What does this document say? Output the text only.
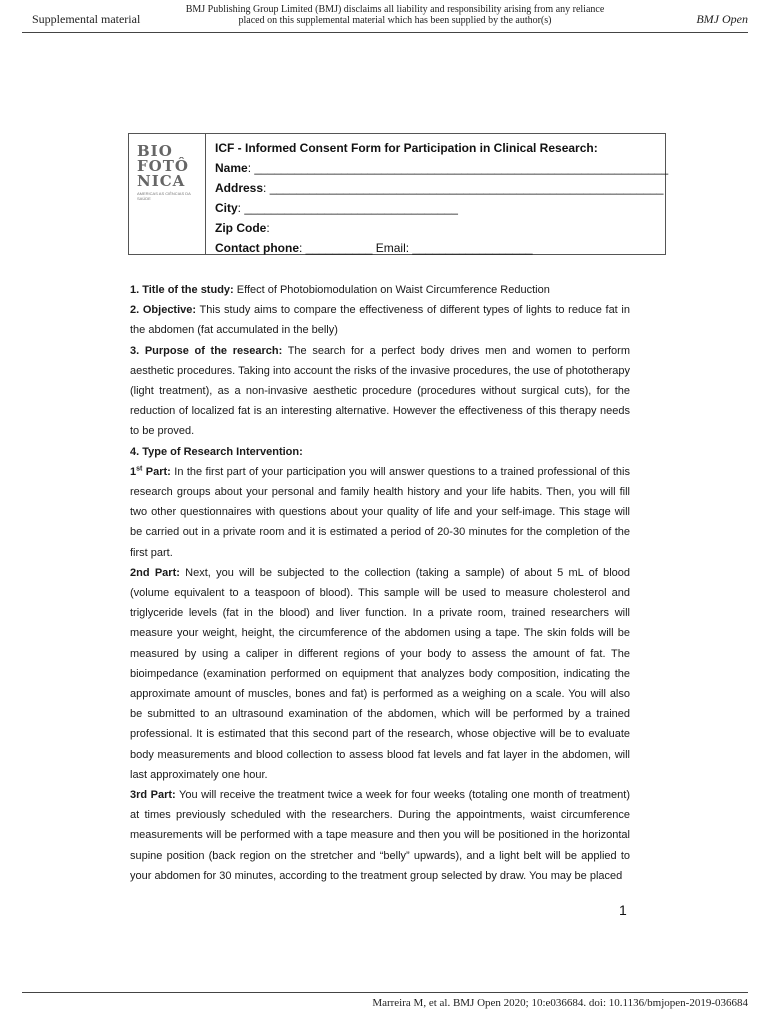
Supplemental material
BMJ Publishing Group Limited (BMJ) disclaims all liability and responsibility arising from any reliance placed on this supplemental material which has been supplied by the author(s)	BMJ Open
BIO
FOTÔ
NICA
AMERICAS AS CIÊNCIAS DA SAÚDE
ICF - Informed Consent Form for Participation in Clinical Research:
Name: ______________________________________________________________
Address: ___________________________________________________________
City: ________________________________
Zip Code:
Contact phone: __________ Email: __________________

1. Title of the study: Effect of Photobiomodulation on Waist Circumference Reduction

2. Objective: This study aims to compare the effectiveness of different types of lights to reduce fat in the abdomen (fat accumulated in the belly)

3. Purpose of the research: The search for a perfect body drives men and women to perform aesthetic procedures. Taking into account the risks of the invasive procedures, the use of phototherapy (light treatment), as a non-invasive aesthetic procedure (procedures without surgical cuts), for the reduction of localized fat is an interesting alternative. However the effectiveness of this therapy needs to be proved.

4. Type of Research Intervention:

1st Part: In the first part of your participation you will answer questions to a trained professional of this research groups about your personal and family health history and your life habits. Then, you will fill two other questionnaires with questions about your quality of life and your self-image. This stage will be carried out in a private room and it is estimated a period of 20-30 minutes for the completion of the first part.

2nd Part: Next, you will be subjected to the collection (taking a sample) of about 5 mL of blood (volume equivalent to a teaspoon of blood). This sample will be used to measure cholesterol and triglyceride levels (fat in the blood) and liver function. In a private room, trained researchers will measure your weight, height, the circumference of the abdomen using a tape. The skin folds will be measured by using a caliper in different regions of your body to assess the amount of fat. The bioimpedance (examination performed on equipment that analyzes body composition, indicating the approximate amount of muscles, bones and fat) is performed as a weighing on a scale. You will also be submitted to an ultrasound examination of the abdomen, which will be performed by a trained professional. It is estimated that this second part of the research, whose objective will be to evaluate body measurements and blood collection to assess blood fat levels and fat layer in the abdomen, will last approximately one hour.

3rd Part: You will receive the treatment twice a week for four weeks (totaling one month of treatment) at times previously scheduled with the researchers. During the appointments, waist circumference measurements will be performed with a tape measure and then you will be positioned in the horizontal supine position (back region on the stretcher and “belly” upwards), and a light belt will be applied to your abdomen for 30 minutes, according to the treatment group selected by draw. You may be placed

1
Marreira M, et al. BMJ Open 2020; 10:e036684. doi: 10.1136/bmjopen-2019-036684
